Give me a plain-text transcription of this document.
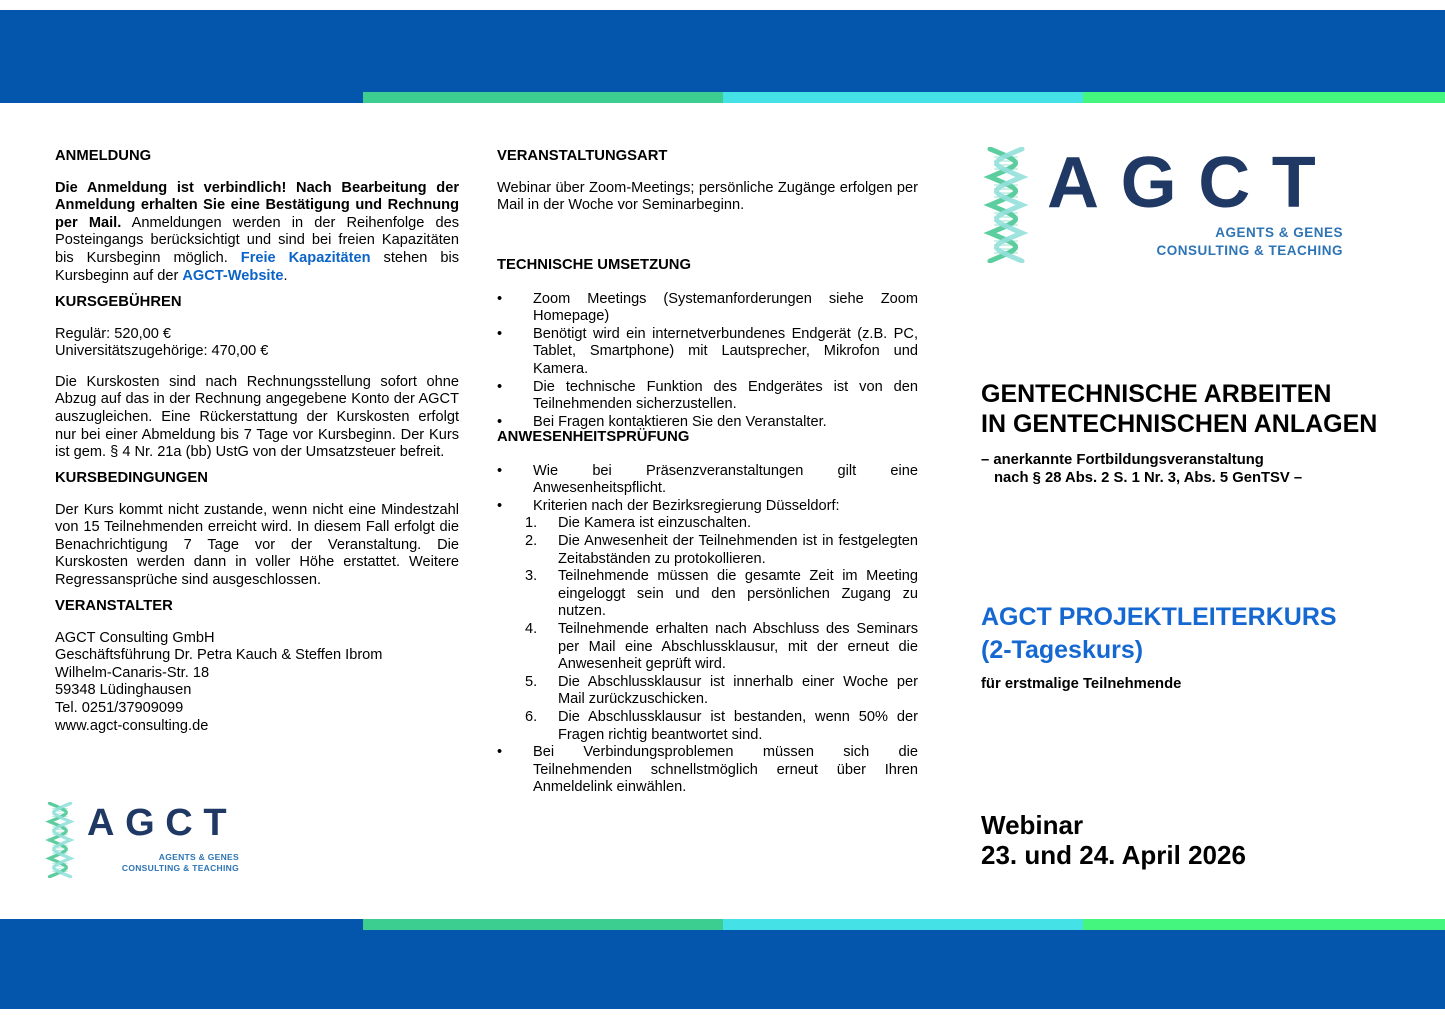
ANMELDUNG

Die Anmeldung ist verbindlich! Nach Bearbeitung der Anmeldung erhalten Sie eine Bestätigung und Rechnung per Mail. Anmeldungen werden in der Reihenfolge des Posteingangs berücksichtigt und sind bei freien Kapazitäten bis Kursbeginn möglich. Freie Kapazitäten stehen bis Kursbeginn auf der AGCT-Website.

KURSGEBÜHREN

Regulär: 520,00 €

Universitätszugehörige: 470,00 €

Die Kurskosten sind nach Rechnungsstellung sofort ohne Abzug auf das in der Rechnung angegebene Konto der AGCT auszugleichen. Eine Rückerstattung der Kurskosten erfolgt nur bei einer Abmeldung bis 7 Tage vor Kursbeginn. Der Kurs ist gem. § 4 Nr. 21a (bb) UstG von der Umsatzsteuer befreit.

KURSBEDINGUNGEN

Der Kurs kommt nicht zustande, wenn nicht eine Mindestzahl von 15 Teilnehmenden erreicht wird. In diesem Fall erfolgt die Benachrichtigung 7 Tage vor der Veranstaltung. Die Kurskosten werden dann in voller Höhe erstattet. Weitere Regressansprüche sind ausgeschlossen.

VERANSTALTER
AGCT Consulting GmbH
Geschäftsführung Dr. Petra Kauch & Steffen Ibrom
Wilhelm-Canaris-Str. 18
59348 Lüdinghausen
Tel. 0251/37909099
www.agct-consulting.de
VERANSTALTUNGSART

Webinar über Zoom-Meetings; persönliche Zugänge erfolgen per Mail in der Woche vor Seminarbeginn.

TECHNISCHE UMSETZUNG
•	Zoom Meetings (Systemanforderungen siehe Zoom Homepage)
•	Benötigt wird ein internetverbundenes Endgerät (z.B. PC, Tablet, Smartphone) mit Lautsprecher, Mikrofon und Kamera.
•	Die technische Funktion des Endgerätes ist von den Teilnehmenden sicherzustellen.
•	Bei Fragen kontaktieren Sie den Veranstalter.
ANWESENHEITSPRÜFUNG
•	Wie bei Präsenzveranstaltungen gilt eine Anwesenheitspflicht.
•	Kriterien nach der Bezirksregierung Düsseldorf:
1.	Die Kamera ist einzuschalten.
2.	Die Anwesenheit der Teilnehmenden ist in festgelegten Zeitabständen zu protokollieren.
3.	Teilnehmende müssen die gesamte Zeit im Meeting eingeloggt sein und den persönlichen Zugang zu nutzen.
4.	Teilnehmende erhalten nach Abschluss des Seminars per Mail eine Abschlussklausur, mit der erneut die Anwesenheit geprüft wird.
5.	Die Abschlussklausur ist innerhalb einer Woche per Mail zurückzuschicken.
6.	Die Abschlussklausur ist bestanden, wenn 50% der Fragen richtig beantwortet sind.
•	Bei Verbindungsproblemen müssen sich die Teilnehmenden schnellstmöglich erneut über Ihren Anmeldelink einwählen.
AGCT
AGENTS & GENES
CONSULTING & TEACHING
GENTECHNISCHE ARBEITEN
IN GENTECHNISCHEN ANLAGEN
– anerkannte Fortbildungsveranstaltung
nach § 28 Abs. 2 S. 1 Nr. 3, Abs. 5 GenTSV –
AGCT PROJEKTLEITERKURS
(2-Tageskurs)
für erstmalige Teilnehmende
Webinar
23. und 24. April 2026
AGCT
AGENTS & GENES
CONSULTING & TEACHING
